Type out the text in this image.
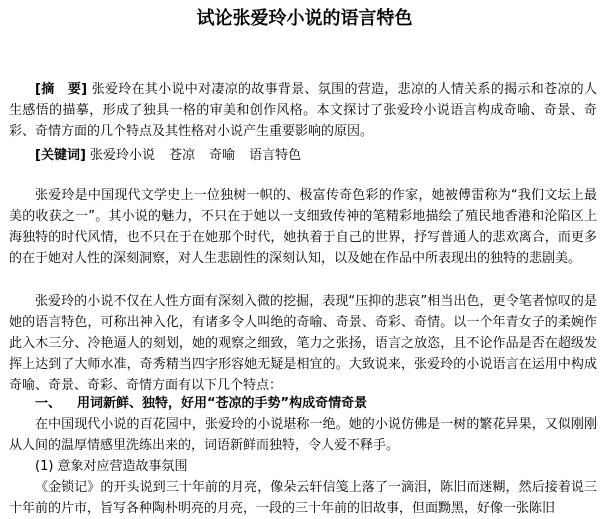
试论张爱玲小说的语言特色

[摘　要] 张爱玲在其小说中对凄凉的故事背景、氛围的营造，悲凉的人情关系的揭示和苍凉的人生感悟的描摹，形成了独具一格的审美和创作风格。本文探讨了张爱玲小说语言构成奇喻、奇景、奇彩、奇情方面的几个特点及其性格对小说产生重要影响的原因。

[关键词] 张爱玲小说 苍凉 奇喻 语言特色

张爱玲是中国现代文学史上一位独树一帜的、极富传奇色彩的作家，她被傅雷称为“我们文坛上最美的收获之一”。其小说的魅力，不只在于她以一支细致传神的笔精彩地描绘了殖民地香港和沦陷区上海独特的时代风情，也不只在于在她那个时代，她执着于自己的世界，抒写普通人的悲欢离合，而更多的在于她对人性的深刻洞察，对人生悲剧性的深刻认知，以及她在作品中所表现出的独特的悲剧美。

张爱玲的小说不仅在人性方面有深刻入微的挖掘，表现“压抑的悲哀”相当出色，更令笔者惊叹的是她的语言特色，可称出神入化，有诸多令人叫绝的奇喻、奇景、奇彩、奇情。以一个年青女子的柔婉作此入木三分、冷艳逼人的刻划，她的观察之细致，笔力之张扬，语言之放恣，且不论作品是否在超级发挥上达到了大师水准，奇秀精当四字形容她无疑是相宜的。大致说来，张爱玲的小说语言在运用中构成奇喻、奇景、奇彩、奇情方面有以下几个特点：

一、 用词新鲜、独特，好用“苍凉的手势”构成奇情奇景

在中国现代小说的百花园中，张爱玲的小说堪称一绝。她的小说仿佛是一树的繁花异果，又似刚刚从人间的温厚情感里洗练出来的，词语新鲜而独特，令人爱不释手。

(1) 意象对应营造故事氛围

《金锁记》的开头说到三十年前的月亮，像朵云轩信笺上落了一滴泪，陈旧而迷糊，然后接着说三十年前的片市，旨写各种陶朴明亮的月亮，一段的三十年前的旧故事，但面黝黑，好像一张陈旧
